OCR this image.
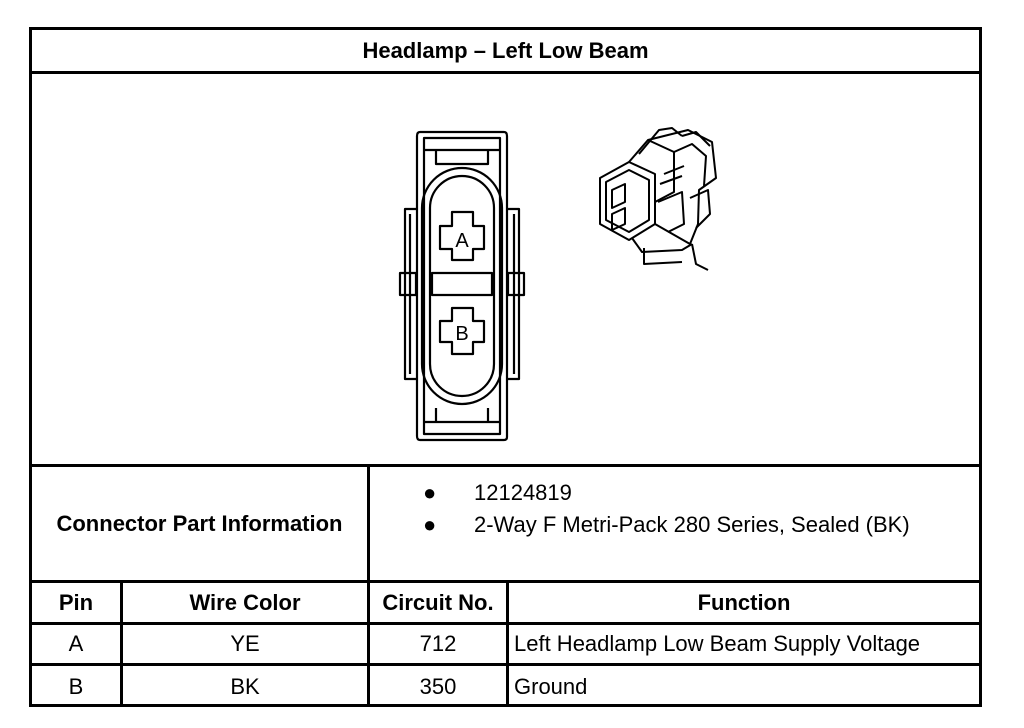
Headlamp – Left Low Beam
A
B
Connector Part Information
● 12124819
● 2-Way F Metri-Pack 280 Series, Sealed (BK)
Pin	Wire Color	Circuit No.	Function
A	YE	712	Left Headlamp Low Beam Supply Voltage
B	BK	350	Ground
